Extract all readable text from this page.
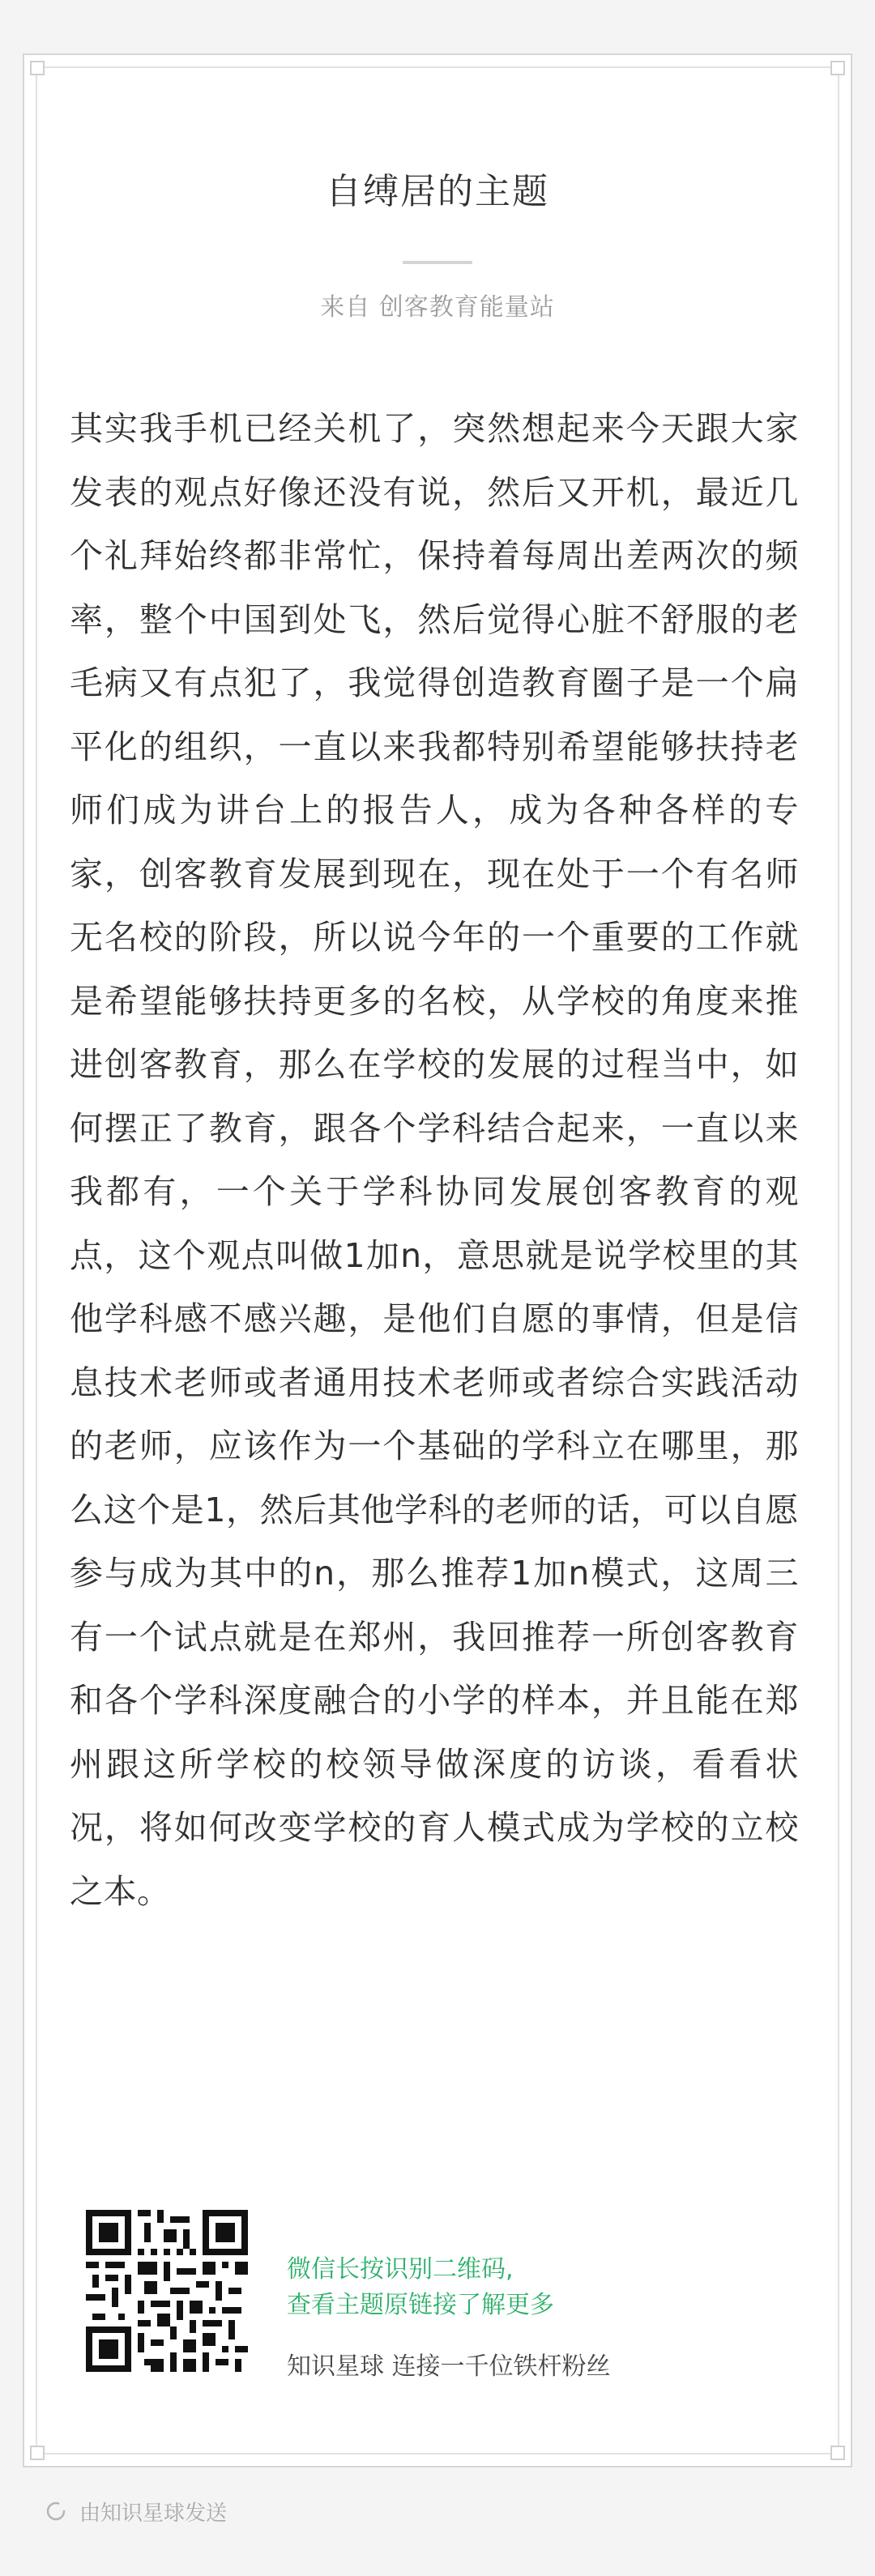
自缚居的主题
来自 创客教育能量站
其实我手机已经关机了，突然想起来今天跟大家发表的观点好像还没有说，然后又开机，最近几个礼拜始终都非常忙，保持着每周出差两次的频率，整个中国到处飞，然后觉得心脏不舒服的老毛病又有点犯了，我觉得创造教育圈子是一个扁平化的组织，一直以来我都特别希望能够扶持老师们成为讲台上的报告人，成为各种各样的专家，创客教育发展到现在，现在处于一个有名师无名校的阶段，所以说今年的一个重要的工作就是希望能够扶持更多的名校，从学校的角度来推进创客教育，那么在学校的发展的过程当中，如何摆正了教育，跟各个学科结合起来，一直以来我都有，一个关于学科协同发展创客教育的观点，这个观点叫做1加n，意思就是说学校里的其他学科感不感兴趣，是他们自愿的事情，但是信息技术老师或者通用技术老师或者综合实践活动的老师，应该作为一个基础的学科立在哪里，那么这个是1，然后其他学科的老师的话，可以自愿参与成为其中的n，那么推荐1加n模式，这周三有一个试点就是在郑州，我回推荐一所创客教育和各个学科深度融合的小学的样本，并且能在郑州跟这所学校的校领导做深度的访谈，看看状况，将如何改变学校的育人模式成为学校的立校之本。
微信长按识别二维码,
查看主题原链接了解更多
知识星球 连接一千位铁杆粉丝
由知识星球发送
